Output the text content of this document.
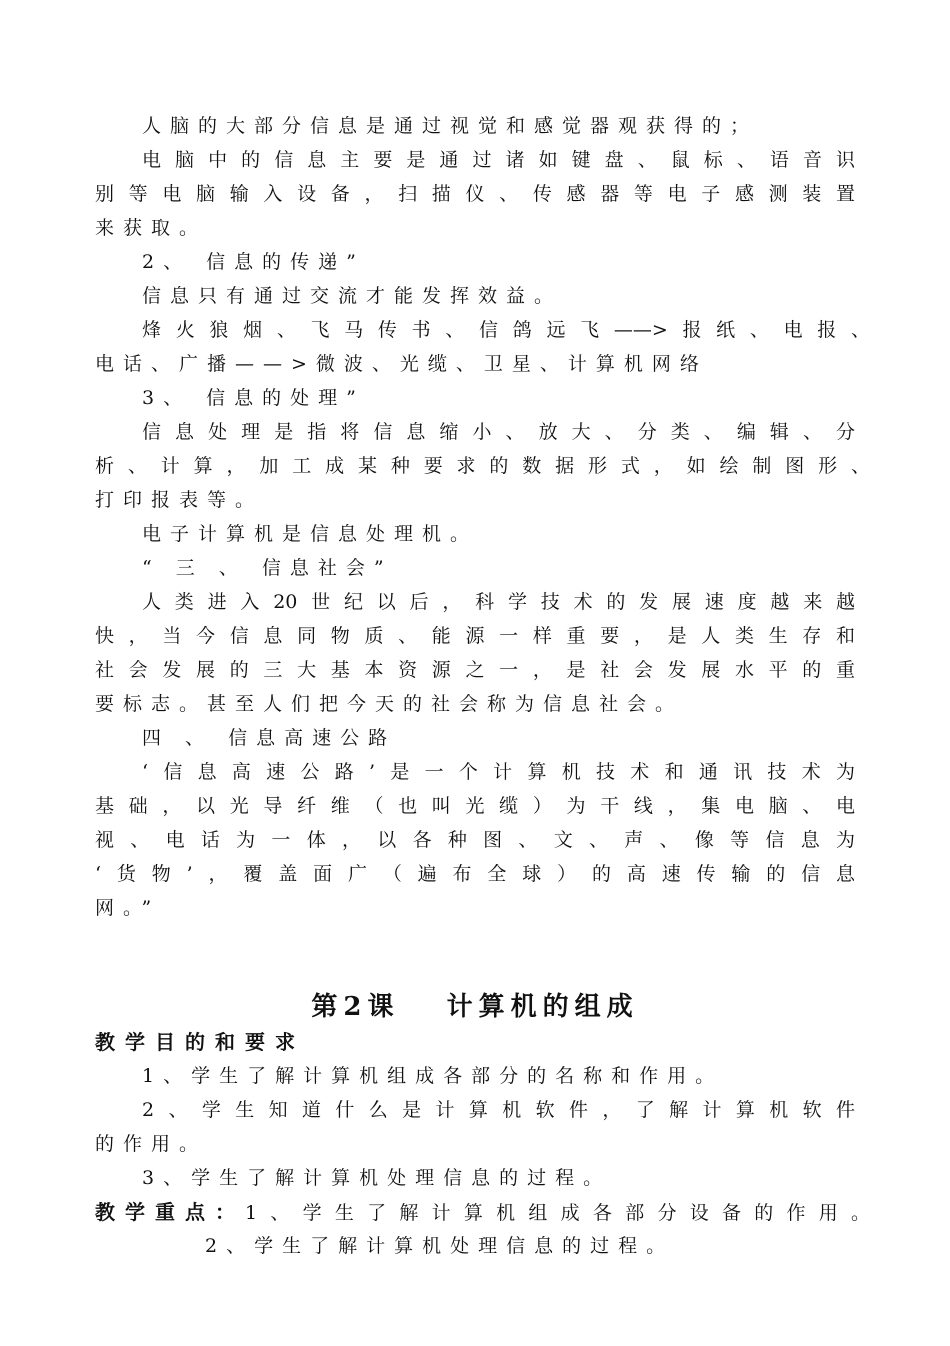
人脑的大部分信息是通过视觉和感觉器观获得的；
电脑中的信息主要是通过诸如键盘、鼠标、语音识
别等电脑输入设备，扫描仪、传感器等电子感测装置
来获取。
2、 信息的传递”
信息只有通过交流才能发挥效益。
烽火狼烟、飞马传书、信鸽远飞——>报纸、电报、
电话、广播——>微波、光缆、卫星、计算机网络
3、 信息的处理”
信息处理是指将信息缩小、放大、分类、编辑、分
析、计算，加工成某种要求的数据形式，如绘制图形、
打印报表等。
电子计算机是信息处理机。
“ 三 、 信息社会”
人类进入20世纪以后，科学技术的发展速度越来越
快，当今信息同物质、能源一样重要，是人类生存和
社会发展的三大基本资源之一，是社会发展水平的重
要标志。甚至人们把今天的社会称为信息社会。
四 、 信息高速公路
‘信息高速公路’是一个计算机技术和通讯技术为
基础，以光导纤维（也叫光缆）为干线，集电脑、电
视、电话为一体，以各种图、文、声、像等信息为
‘货物’，覆盖面广（遍布全球）的高速传输的信息
网。”
第2课　 计算机的组成
教学目的和要求
1、学生了解计算机组成各部分的名称和作用。
2、学生知道什么是计算机软件，了解计算机软件
的作用。
3、学生了解计算机处理信息的过程。
教学重点： 1、学生了解计算机组成各部分设备的作用。
2、学生了解计算机处理信息的过程。
